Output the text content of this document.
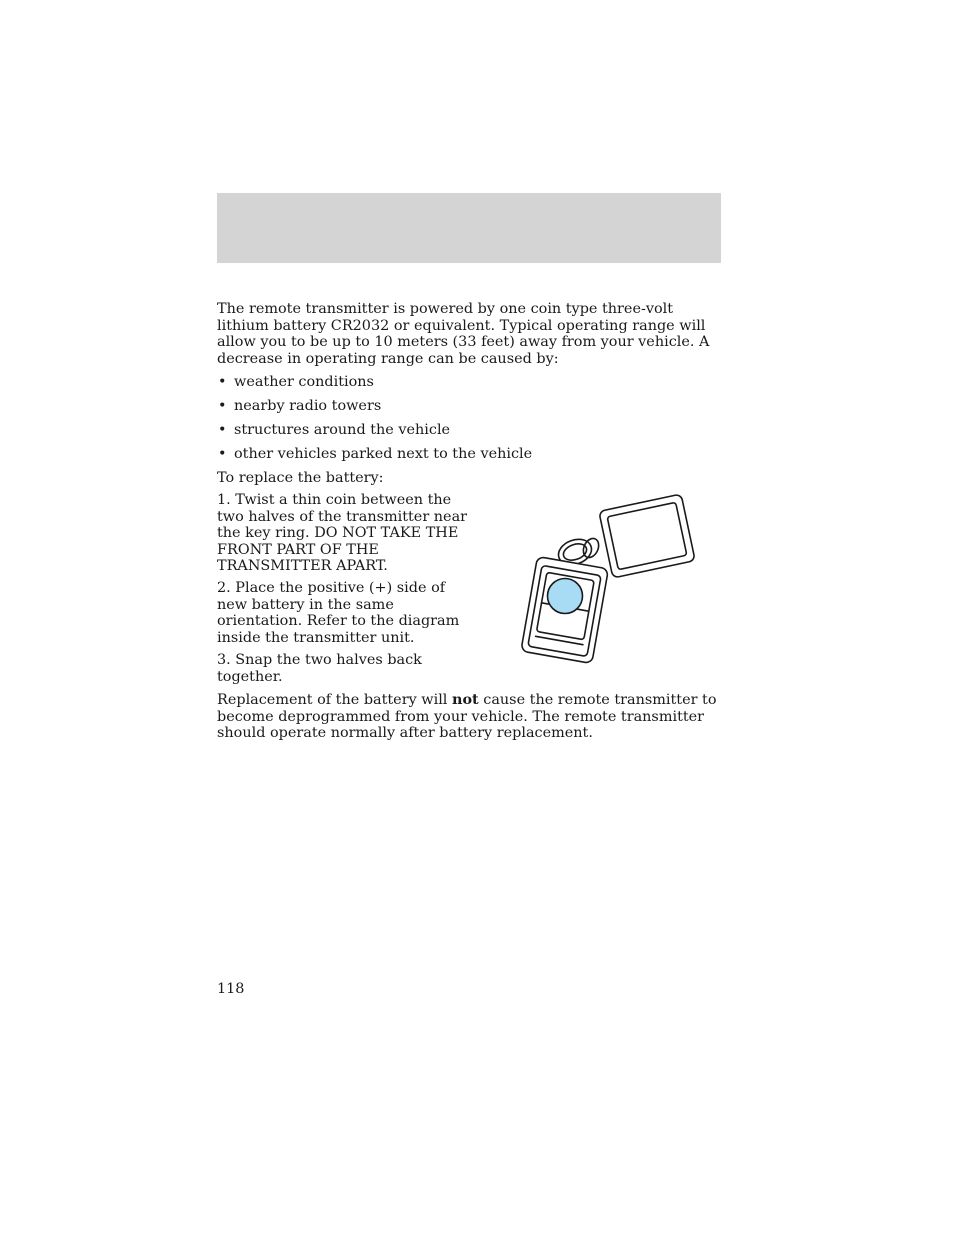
The remote transmitter is powered by one coin type three-volt lithium battery CR2032 or equivalent. Typical operating range will allow you to be up to 10 meters (33 feet) away from your vehicle. A decrease in operating range can be caused by:

• weather conditions
• nearby radio towers
• structures around the vehicle
• other vehicles parked next to the vehicle

To replace the battery:

1. Twist a thin coin between the two halves of the transmitter near the key ring. DO NOT TAKE THE FRONT PART OF THE TRANSMITTER APART.

2. Place the positive (+) side of new battery in the same orientation. Refer to the diagram inside the transmitter unit.

3. Snap the two halves back together.

Replacement of the battery will not cause the remote transmitter to become deprogrammed from your vehicle. The remote transmitter should operate normally after battery replacement.

118
